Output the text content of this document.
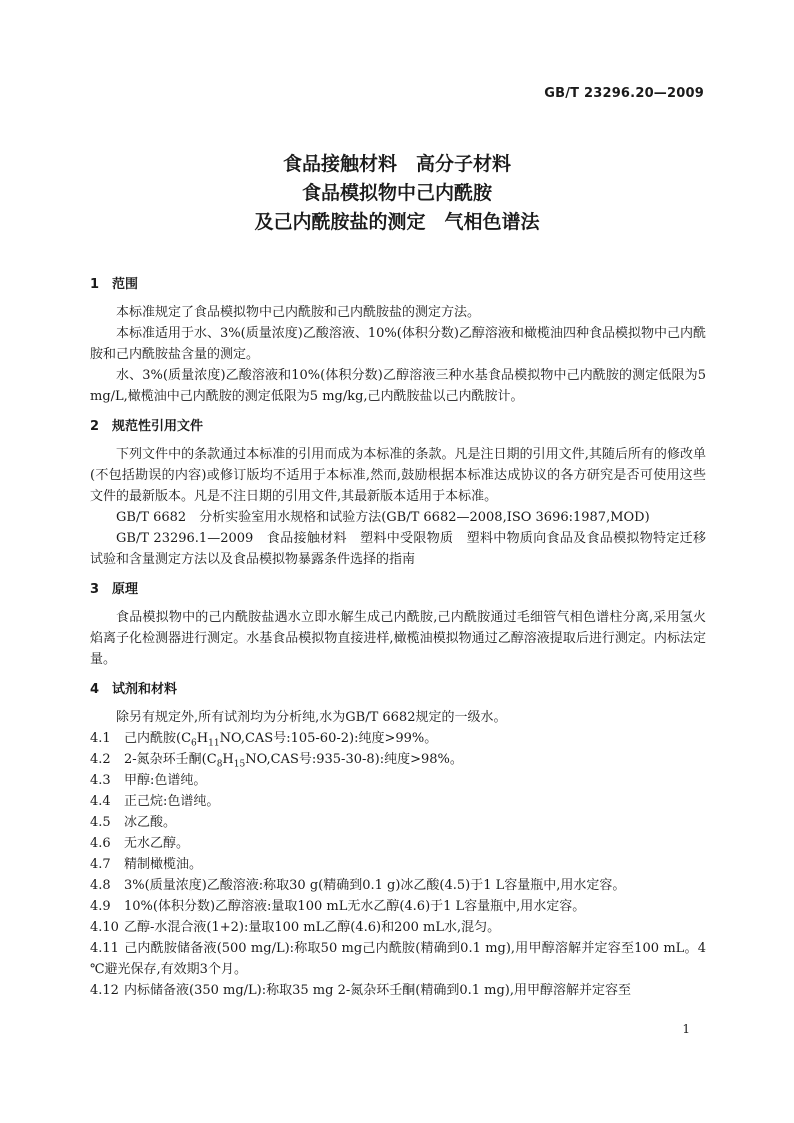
GB/T 23296.20—2009
食品接触材料　高分子材料
食品模拟物中己内酰胺
及己内酰胺盐的测定　气相色谱法
1　范围

本标准规定了食品模拟物中己内酰胺和己内酰胺盐的测定方法。

本标准适用于水、3%(质量浓度)乙酸溶液、10%(体积分数)乙醇溶液和橄榄油四种食品模拟物中己内酰胺和己内酰胺盐含量的测定。

水、3%(质量浓度)乙酸溶液和10%(体积分数)乙醇溶液三种水基食品模拟物中己内酰胺的测定低限为5 mg/L,橄榄油中己内酰胺的测定低限为5 mg/kg,己内酰胺盐以己内酰胺计。

2　规范性引用文件

下列文件中的条款通过本标准的引用而成为本标准的条款。凡是注日期的引用文件,其随后所有的修改单(不包括勘误的内容)或修订版均不适用于本标准,然而,鼓励根据本标准达成协议的各方研究是否可使用这些文件的最新版本。凡是不注日期的引用文件,其最新版本适用于本标准。

GB/T 6682　分析实验室用水规格和试验方法(GB/T 6682—2008,ISO 3696:1987,MOD)

GB/T 23296.1—2009　食品接触材料　塑料中受限物质　塑料中物质向食品及食品模拟物特定迁移试验和含量测定方法以及食品模拟物暴露条件选择的指南

3　原理

食品模拟物中的己内酰胺盐遇水立即水解生成己内酰胺,己内酰胺通过毛细管气相色谱柱分离,采用氢火焰离子化检测器进行测定。水基食品模拟物直接进样,橄榄油模拟物通过乙醇溶液提取后进行测定。内标法定量。

4　试剂和材料

除另有规定外,所有试剂均为分析纯,水为GB/T 6682规定的一级水。

4.1 己内酰胺($C_6H_{11}NO,CAS$号:105-60-2):纯度>99%。

4.2 2-氮杂环壬酮($C_8H_{15}NO,CAS$号:935-30-8):纯度>98%。

4.3 甲醇:色谱纯。

4.4 正己烷:色谱纯。

4.5 冰乙酸。

4.6 无水乙醇。

4.7 精制橄榄油。

4.8 3%(质量浓度)乙酸溶液:称取30 g(精确到0.1 g)冰乙酸(4.5)于1 L容量瓶中,用水定容。

4.9 10%(体积分数)乙醇溶液:量取100 mL无水乙醇(4.6)于1 L容量瓶中,用水定容。

4.10 乙醇-水混合液(1+2):量取100 mL乙醇(4.6)和200 mL水,混匀。

4.11 己内酰胺储备液(500 mg/L):称取50 mg己内酰胺(精确到0.1 mg),用甲醇溶解并定容至100 mL。4 ℃避光保存,有效期3个月。

4.12 内标储备液(350 mg/L):称取35 mg 2-氮杂环壬酮(精确到0.1 mg),用甲醇溶解并定容至

1
